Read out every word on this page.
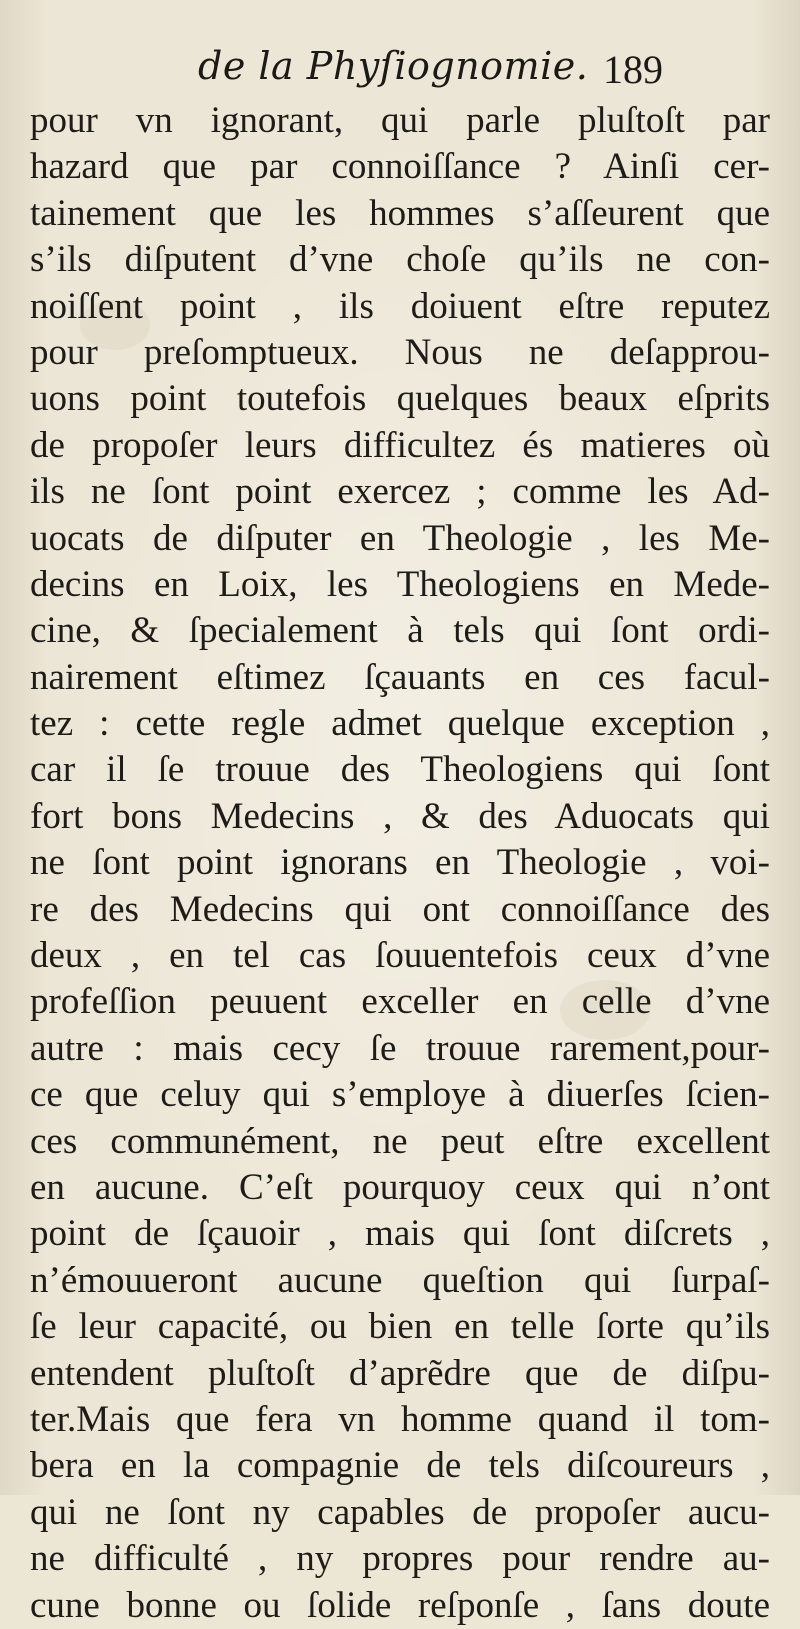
de la Phyſiognomie. 189
pour vn ignorant, qui parle pluſtoſt par
hazard que par connoiſſance ? Ainſi cer-
tainement que les hommes s’aſſeurent que
s’ils diſputent d’vne choſe qu’ils ne con-
noiſſent point , ils doiuent eſtre reputez
pour preſomptueux. Nous ne deſapprou-
uons point toutefois quelques beaux eſprits
de propoſer leurs difficultez és matieres où
ils ne ſont point exercez ; comme les Ad-
uocats de diſputer en Theologie , les Me-
decins en Loix, les Theologiens en Mede-
cine, & ſpecialement à tels qui ſont ordi-
nairement eſtimez ſçauants en ces facul-
tez : cette regle admet quelque exception ,
car il ſe trouue des Theologiens qui ſont
fort bons Medecins , & des Aduocats qui
ne ſont point ignorans en Theologie , voi-
re des Medecins qui ont connoiſſance des
deux , en tel cas ſouuentefois ceux d’vne
profeſſion peuuent exceller en celle d’vne
autre : mais cecy ſe trouue rarement,pour-
ce que celuy qui s’employe à diuerſes ſcien-
ces communément, ne peut eſtre excellent
en aucune. C’eſt pourquoy ceux qui n’ont
point de ſçauoir , mais qui ſont diſcrets ,
n’émouueront aucune queſtion qui ſurpaſ-
ſe leur capacité, ou bien en telle ſorte qu’ils
entendent pluſtoſt d’aprẽdre que de diſpu-
ter.Mais que fera vn homme quand il tom-
bera en la compagnie de tels diſcoureurs ,
qui ne ſont ny capables de propoſer aucu-
ne difficulté , ny propres pour rendre au-
cune bonne ou ſolide reſponſe , ſans doute
